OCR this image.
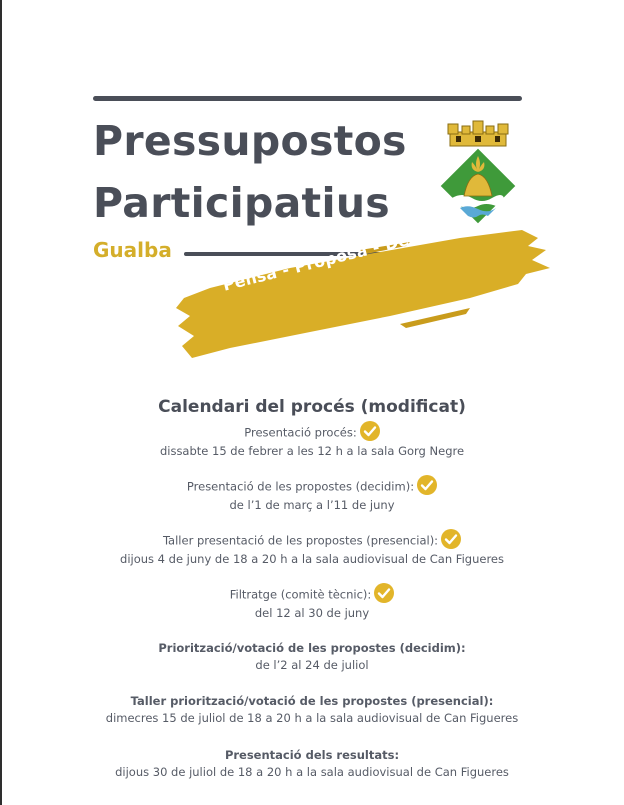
Pressupostos
Participatius
Gualba	Pensa - Proposa - Decideix
Calendari del procés (modificat)
Presentació procés:
dissabte 15 de febrer a les 12 h a la sala Gorg Negre
Presentació de les propostes (decidim):
de l’1 de març a l’11 de juny
Taller presentació de les propostes (presencial):
dijous 4 de juny de 18 a 20 h a la sala audiovisual de Can Figueres
Filtratge (comitè tècnic):
del 12 al 30 de juny
Priorització/votació de les propostes (decidim):
de l’2 al 24 de juliol
Taller priorització/votació de les propostes (presencial):
dimecres 15 de juliol de 18 a 20 h a la sala audiovisual de Can Figueres
Presentació dels resultats:
dijous 30 de juliol de 18 a 20 h a la sala audiovisual de Can Figueres
